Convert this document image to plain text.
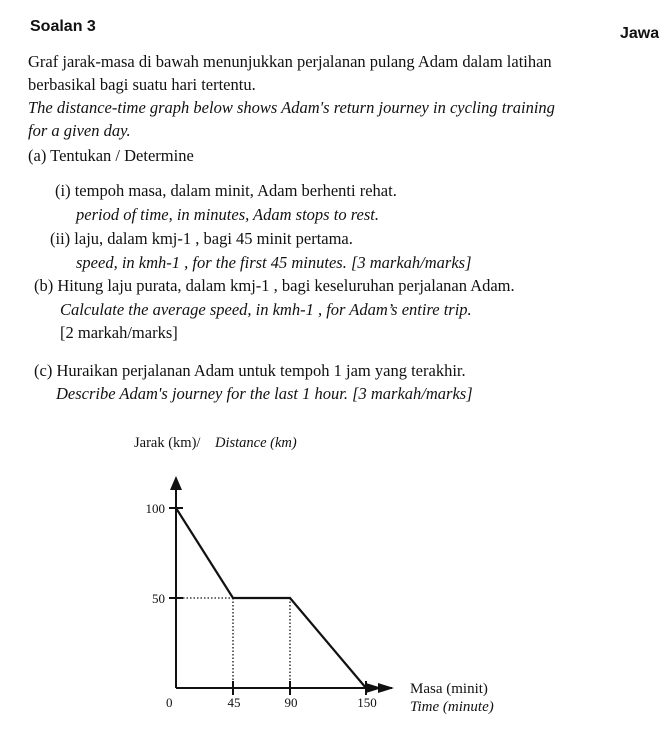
Soalan 3	Jawa
Graf jarak-masa di bawah menunjukkan perjalanan pulang Adam dalam latihan
berbasikal bagi suatu hari tertentu.
The distance-time graph below shows Adam's return journey in cycling training
for a given day.
(a) Tentukan / Determine
(i) tempoh masa, dalam minit, Adam berhenti rehat.
period of time, in minutes, Adam stops to rest.
(ii) laju, dalam kmj-1 , bagi 45 minit pertama.
speed, in kmh-1 , for the first 45 minutes. [3 markah/marks]
(b) Hitung laju purata, dalam kmj-1 , bagi keseluruhan perjalanan Adam.
Calculate the average speed, in kmh-1 , for Adam’s entire trip.
[2 markah/marks]
(c) Huraikan perjalanan Adam untuk tempoh 1 jam yang terakhir.
Describe Adam's journey for the last 1 hour. [3 markah/marks]
Jarak (km)/ Distance (km)
Masa (minit)
Time (minute)
0
50
100
45	90	150
